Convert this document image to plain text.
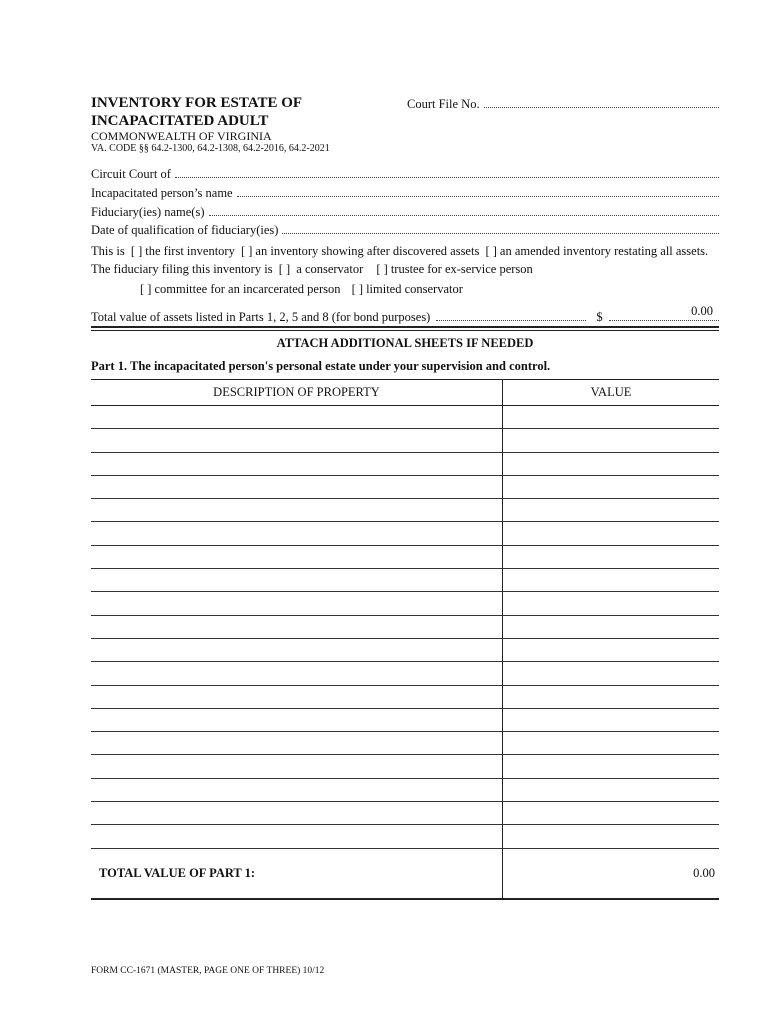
INVENTORY FOR ESTATE OF
INCAPACITATED ADULT
COMMONWEALTH OF VIRGINIA
VA. CODE §§ 64.2-1300, 64.2-1308, 64.2-2016, 64.2-2021
Court File No.
Circuit Court of
Incapacitated person’s name
Fiduciary(ies) name(s)
Date of qualification of fiduciary(ies)
This is [ ] the first inventory [ ] an inventory showing after discovered assets [ ] an amended inventory restating all assets.
The fiduciary filing this inventory is [ ] a conservator [ ] trustee for ex-service person
[ ] committee for an incarcerated person [ ] limited conservator
Total value of assets listed in Parts 1, 2, 5 and 8 (for bond purposes)	$	0.00
ATTACH ADDITIONAL SHEETS IF NEEDED
Part 1. The incapacitated person's personal estate under your supervision and control.
DESCRIPTION OF PROPERTY	VALUE

TOTAL VALUE OF PART 1:	0.00
FORM CC-1671 (MASTER, PAGE ONE OF THREE) 10/12
